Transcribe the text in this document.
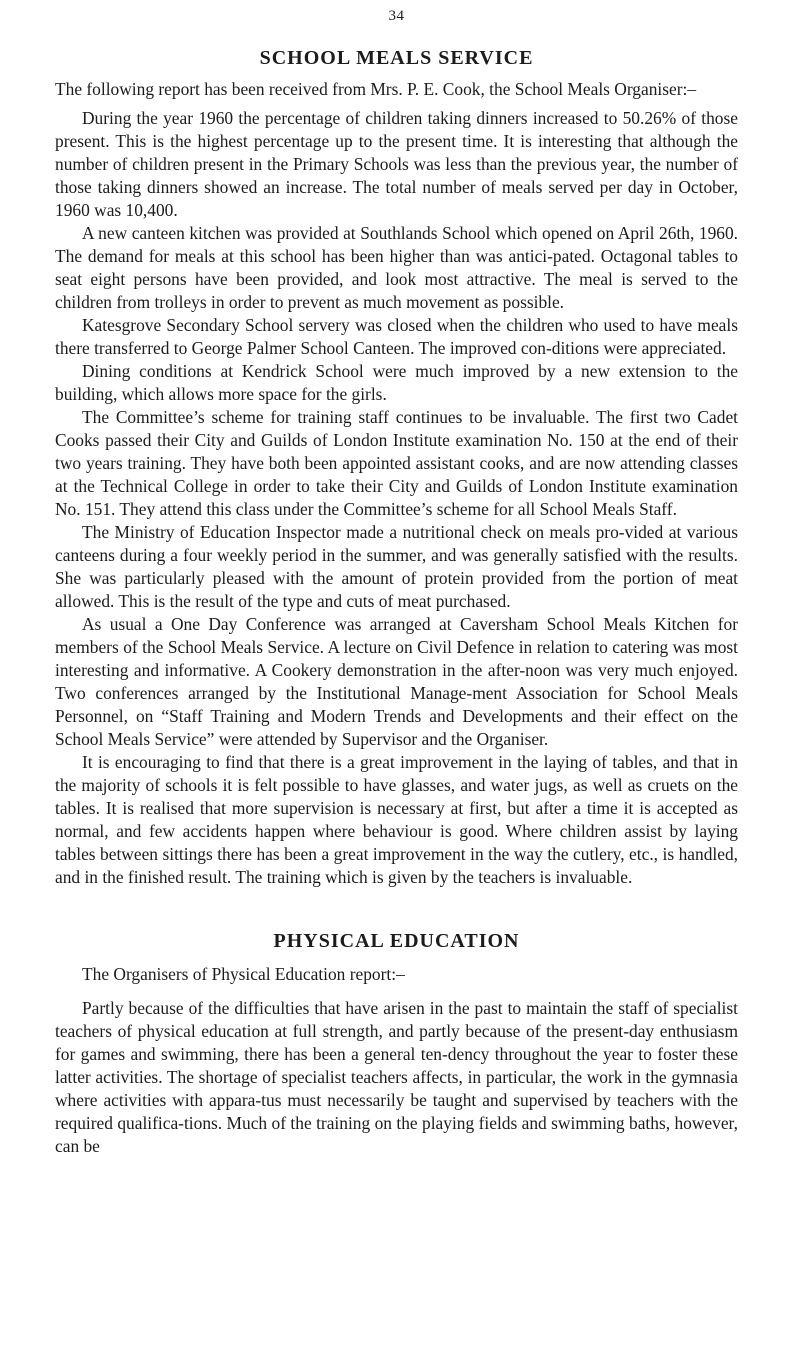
34
SCHOOL MEALS SERVICE

The following report has been received from Mrs. P. E. Cook, the School Meals Organiser:–

During the year 1960 the percentage of children taking dinners increased to 50.26% of those present. This is the highest percentage up to the present time. It is interesting that although the number of children present in the Primary Schools was less than the previous year, the number of those taking dinners showed an increase. The total number of meals served per day in October, 1960 was 10,400.

A new canteen kitchen was provided at Southlands School which opened on April 26th, 1960. The demand for meals at this school has been higher than was antici-pated. Octagonal tables to seat eight persons have been provided, and look most attractive. The meal is served to the children from trolleys in order to prevent as much movement as possible.

Katesgrove Secondary School servery was closed when the children who used to have meals there transferred to George Palmer School Canteen. The improved con-ditions were appreciated.

Dining conditions at Kendrick School were much improved by a new extension to the building, which allows more space for the girls.

The Committee’s scheme for training staff continues to be invaluable. The first two Cadet Cooks passed their City and Guilds of London Institute examination No. 150 at the end of their two years training. They have both been appointed assistant cooks, and are now attending classes at the Technical College in order to take their City and Guilds of London Institute examination No. 151. They attend this class under the Committee’s scheme for all School Meals Staff.

The Ministry of Education Inspector made a nutritional check on meals pro-vided at various canteens during a four weekly period in the summer, and was generally satisfied with the results. She was particularly pleased with the amount of protein provided from the portion of meat allowed. This is the result of the type and cuts of meat purchased.

As usual a One Day Conference was arranged at Caversham School Meals Kitchen for members of the School Meals Service. A lecture on Civil Defence in relation to catering was most interesting and informative. A Cookery demonstration in the after-noon was very much enjoyed. Two conferences arranged by the Institutional Manage-ment Association for School Meals Personnel, on “Staff Training and Modern Trends and Developments and their effect on the School Meals Service” were attended by Supervisor and the Organiser.

It is encouraging to find that there is a great improvement in the laying of tables, and that in the majority of schools it is felt possible to have glasses, and water jugs, as well as cruets on the tables. It is realised that more supervision is necessary at first, but after a time it is accepted as normal, and few accidents happen where behaviour is good. Where children assist by laying tables between sittings there has been a great improvement in the way the cutlery, etc., is handled, and in the finished result. The training which is given by the teachers is invaluable.

PHYSICAL EDUCATION

The Organisers of Physical Education report:–

Partly because of the difficulties that have arisen in the past to maintain the staff of specialist teachers of physical education at full strength, and partly because of the present-day enthusiasm for games and swimming, there has been a general ten-dency throughout the year to foster these latter activities. The shortage of specialist teachers affects, in particular, the work in the gymnasia where activities with appara-tus must necessarily be taught and supervised by teachers with the required qualifica-tions. Much of the training on the playing fields and swimming baths, however, can be
